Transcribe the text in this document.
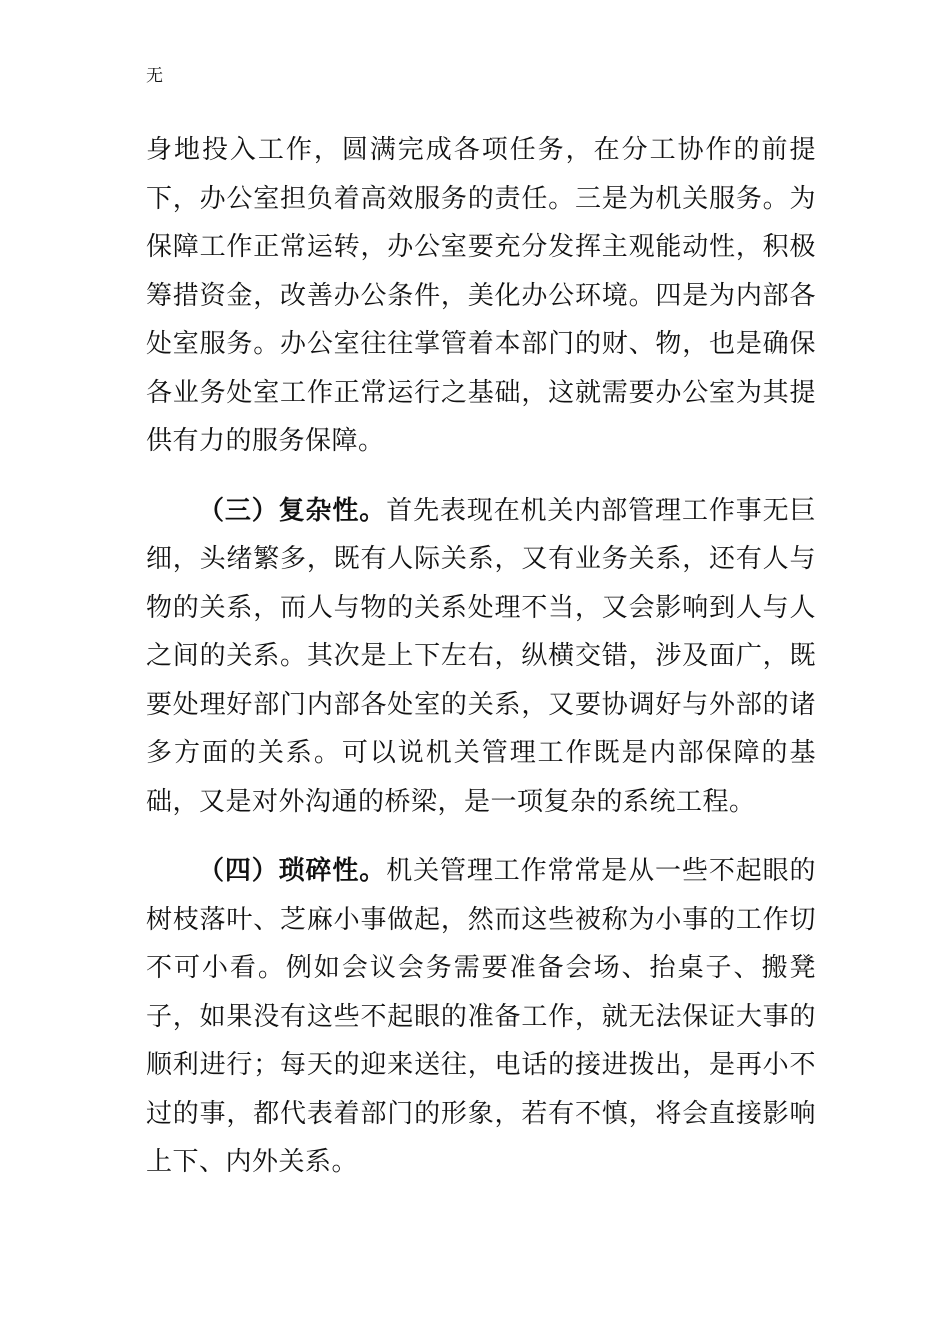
无

身地投入工作，圆满完成各项任务，在分工协作的前提下，办公室担负着高效服务的责任。三是为机关服务。为保障工作正常运转，办公室要充分发挥主观能动性，积极筹措资金，改善办公条件，美化办公环境。四是为内部各处室服务。办公室往往掌管着本部门的财、物，也是确保各业务处室工作正常运行之基础，这就需要办公室为其提供有力的服务保障。

（三）复杂性。首先表现在机关内部管理工作事无巨细，头绪繁多，既有人际关系，又有业务关系，还有人与物的关系，而人与物的关系处理不当，又会影响到人与人之间的关系。其次是上下左右，纵横交错，涉及面广，既要处理好部门内部各处室的关系，又要协调好与外部的诸多方面的关系。可以说机关管理工作既是内部保障的基础，又是对外沟通的桥梁，是一项复杂的系统工程。

（四）琐碎性。机关管理工作常常是从一些不起眼的树枝落叶、芝麻小事做起，然而这些被称为小事的工作切不可小看。例如会议会务需要准备会场、抬桌子、搬凳子，如果没有这些不起眼的准备工作，就无法保证大事的顺利进行；每天的迎来送往，电话的接进拨出，是再小不过的事，都代表着部门的形象，若有不慎，将会直接影响上下、内外关系。
